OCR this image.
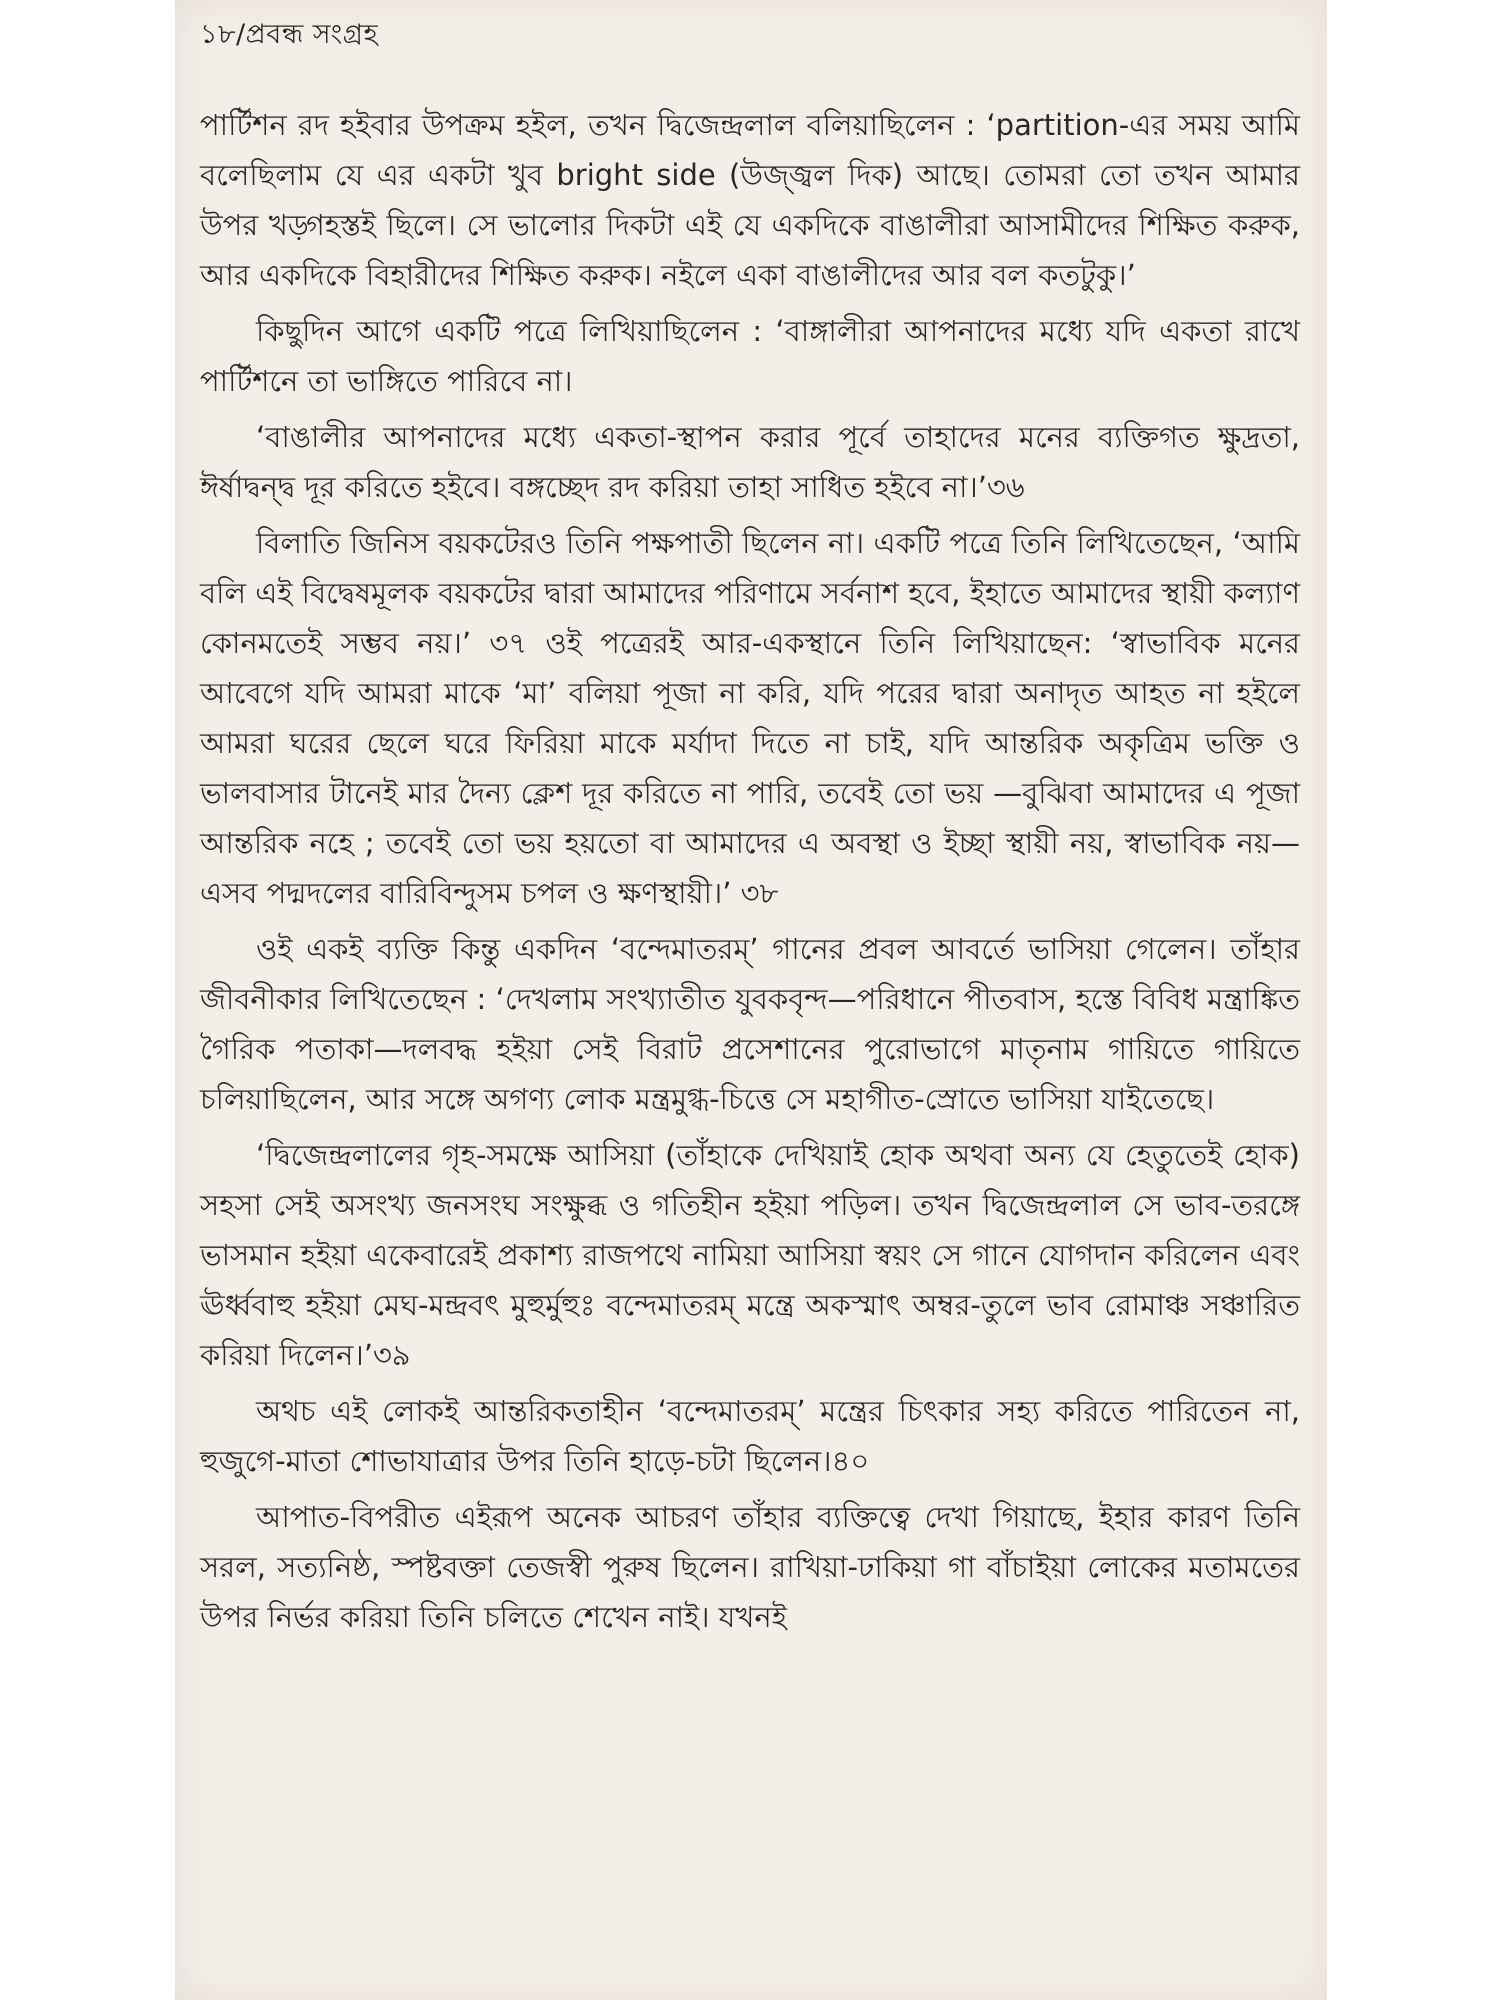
১৮/প্রবন্ধ সংগ্রহ

পার্টিশন রদ হইবার উপক্রম হইল, তখন দ্বিজেন্দ্রলাল বলিয়াছিলেন : ‘partition-এর সময় আমি বলেছিলাম যে এর একটা খুব bright side (উজ্জ্বল দিক) আছে। তোমরা তো তখন আমার উপর খড়্গহস্তই ছিলে। সে ভালোর দিকটা এই যে একদিকে বাঙালীরা আসামীদের শিক্ষিত করুক, আর একদিকে বিহারীদের শিক্ষিত করুক। নইলে একা বাঙালীদের আর বল কতটুকু।’

কিছুদিন আগে একটি পত্রে লিখিয়াছিলেন : ‘বাঙ্গালীরা আপনাদের মধ্যে যদি একতা রাখে পার্টিশনে তা ভাঙ্গিতে পারিবে না।

‘বাঙালীর আপনাদের মধ্যে একতা-স্থাপন করার পূর্বে তাহাদের মনের ব্যক্তিগত ক্ষুদ্রতা, ঈর্ষাদ্বন্দ্ব দূর করিতে হইবে। বঙ্গচ্ছেদ রদ করিয়া তাহা সাধিত হইবে না।’৩৬

বিলাতি জিনিস বয়কটেরও তিনি পক্ষপাতী ছিলেন না। একটি পত্রে তিনি লিখিতেছেন, ‘আমি বলি এই বিদ্বেষমূলক বয়কটের দ্বারা আমাদের পরিণামে সর্বনাশ হবে, ইহাতে আমাদের স্থায়ী কল্যাণ কোনমতেই সম্ভব নয়।’ ৩৭ ওই পত্রেরই আর-একস্থানে তিনি লিখিয়াছেন: ‘স্বাভাবিক মনের আবেগে যদি আমরা মাকে ‘মা’ বলিয়া পূজা না করি, যদি পরের দ্বারা অনাদৃত আহত না হইলে আমরা ঘরের ছেলে ঘরে ফিরিয়া মাকে মর্যাদা দিতে না চাই, যদি আন্তরিক অকৃত্রিম ভক্তি ও ভালবাসার টানেই মার দৈন্য ক্লেশ দূর করিতে না পারি, তবেই তো ভয় —বুঝিবা আমাদের এ পূজা আন্তরিক নহে ; তবেই তো ভয় হয়তো বা আমাদের এ অবস্থা ও ইচ্ছা স্থায়ী নয়, স্বাভাবিক নয়—এসব পদ্মদলের বারিবিন্দুসম চপল ও ক্ষণস্থায়ী।’ ৩৮

ওই একই ব্যক্তি কিন্তু একদিন ‘বন্দেমাতরম্’ গানের প্রবল আবর্তে ভাসিয়া গেলেন। তাঁহার জীবনীকার লিখিতেছেন : ‘দেখলাম সংখ্যাতীত যুবকবৃন্দ—পরিধানে পীতবাস, হস্তে বিবিধ মন্ত্রাঙ্কিত গৈরিক পতাকা—দলবদ্ধ হইয়া সেই বিরাট প্রসেশানের পুরোভাগে মাতৃনাম গায়িতে গায়িতে চলিয়াছিলেন, আর সঙ্গে অগণ্য লোক মন্ত্রমুগ্ধ-চিত্তে সে মহাগীত-স্রোতে ভাসিয়া যাইতেছে।

‘দ্বিজেন্দ্রলালের গৃহ-সমক্ষে আসিয়া (তাঁহাকে দেখিয়াই হোক অথবা অন্য যে হেতুতেই হোক) সহসা সেই অসংখ্য জনসংঘ সংক্ষুব্ধ ও গতিহীন হইয়া পড়িল। তখন দ্বিজেন্দ্রলাল সে ভাব-তরঙ্গে ভাসমান হইয়া একেবারেই প্রকাশ্য রাজপথে নামিয়া আসিয়া স্বয়ং সে গানে যোগদান করিলেন এবং ঊর্ধ্ববাহু হইয়া মেঘ-মন্দ্রবৎ মুহুর্মুহুঃ বন্দেমাতরম্ মন্ত্রে অকস্মাৎ অম্বর-তুলে ভাব রোমাঞ্চ সঞ্চারিত করিয়া দিলেন।’৩৯

অথচ এই লোকই আন্তরিকতাহীন ‘বন্দেমাতরম্’ মন্ত্রের চিৎকার সহ্য করিতে পারিতেন না, হুজুগে-মাতা শোভাযাত্রার উপর তিনি হাড়ে-চটা ছিলেন।৪০

আপাত-বিপরীত এইরূপ অনেক আচরণ তাঁহার ব্যক্তিত্বে দেখা গিয়াছে, ইহার কারণ তিনি সরল, সত্যনিষ্ঠ, স্পষ্টবক্তা তেজস্বী পুরুষ ছিলেন। রাখিয়া-ঢাকিয়া গা বাঁচাইয়া লোকের মতামতের উপর নির্ভর করিয়া তিনি চলিতে শেখেন নাই। যখনই
